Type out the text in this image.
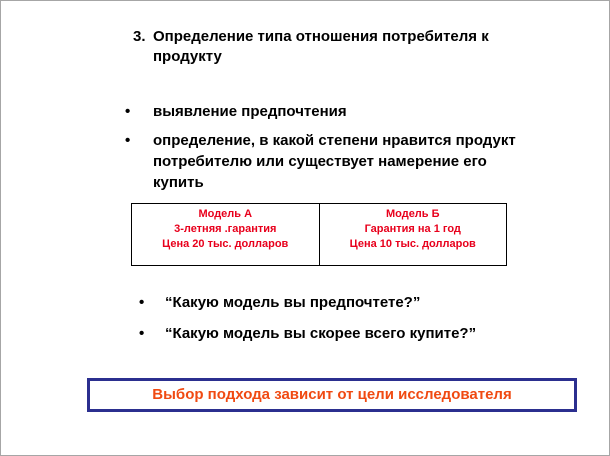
3. Определение типа отношения потребителя к
продукту

• выявление предпочтения
• определение, в какой степени нравится продукт
потребителю или существует намерение его
купить
Модель А
3-летняя .гарантия
Цена 20 тыс. долларов

Модель Б
Гарантия на 1 год
Цена 10 тыс. долларов
• “Какую модель вы предпочтете?”
• “Какую модель вы скорее всего купите?”
Выбор подхода зависит от цели исследователя
